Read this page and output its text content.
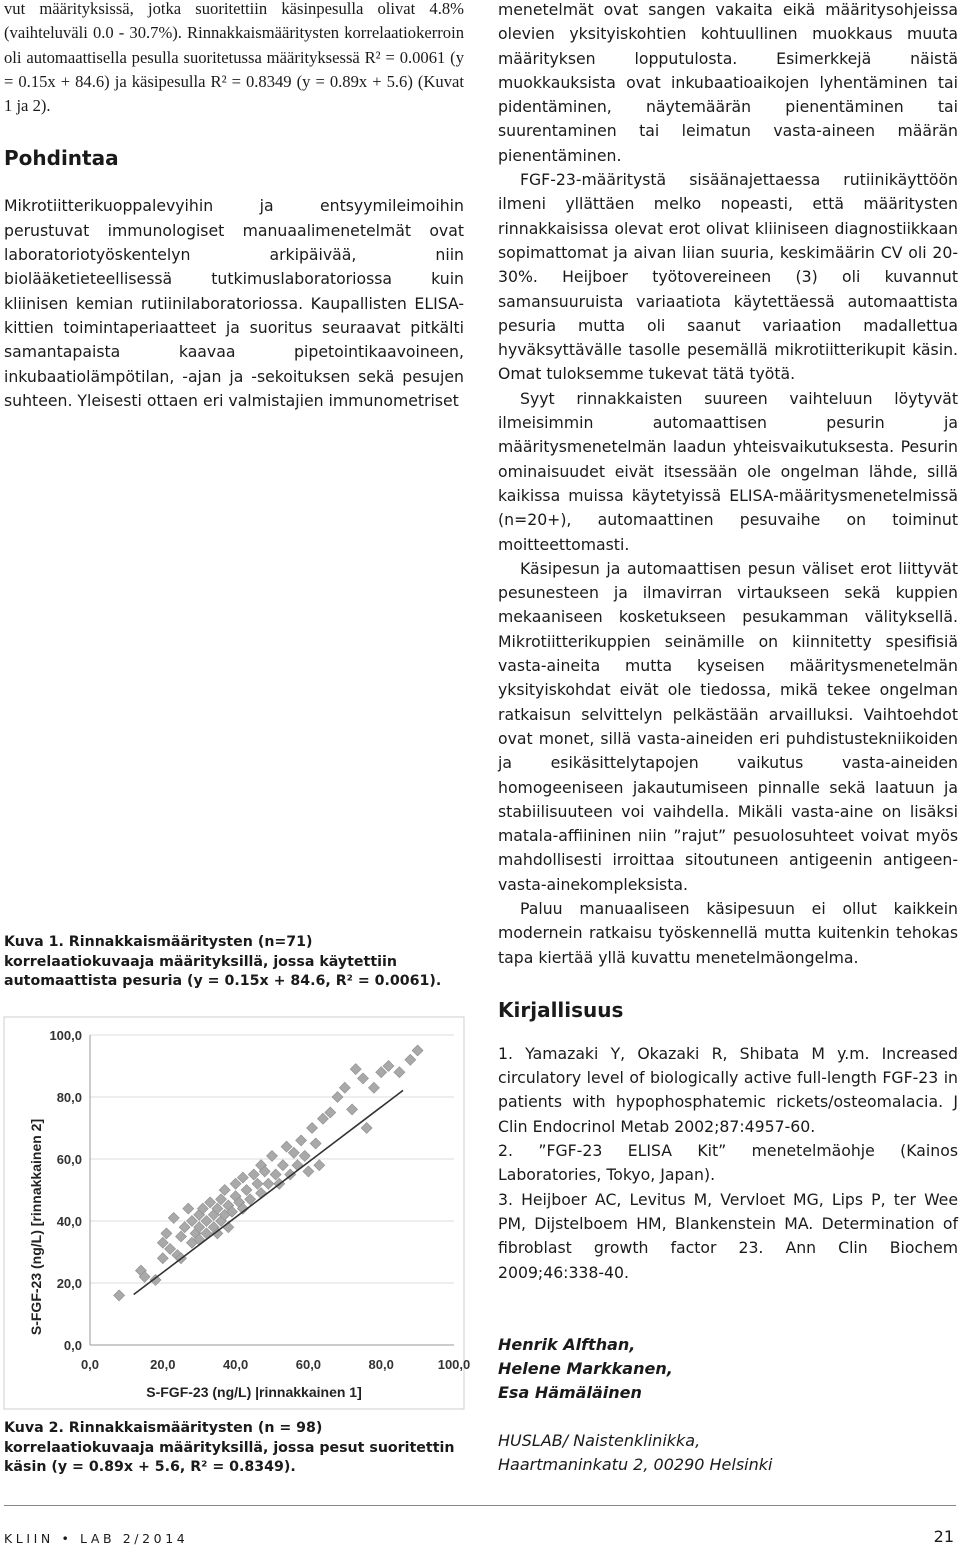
vut määrityksissä, jotka suoritettiin käsinpesulla olivat 4.8% (vaihteluväli 0.0 - 30.7%). Rinnakkaismääritysten korrelaatiokerroin oli automaattisella pesulla suoritetussa määrityksessä R² = 0.0061 (y = 0.15x + 84.6) ja käsipesulla R² = 0.8349 (y = 0.89x + 5.6) (Kuvat 1 ja 2).

Pohdintaa

Mikrotiitterikuoppalevyihin ja entsyymileimoihin perustuvat immunologiset manuaalimenetelmät ovat laboratoriotyöskentelyn arkipäivää, niin biolääketieteellisessä tutkimuslaboratoriossa kuin kliinisen kemian rutiinilaboratoriossa. Kaupallisten ELISA-kittien toimintaperiaatteet ja suoritus seuraavat pitkälti samantapaista kaavaa pipetointikaavoineen, inkubaatiolämpötilan, -ajan ja -sekoituksen sekä pesujen suhteen. Yleisesti ottaen eri valmistajien immunometriset

Kuva 1. Rinnakkaismääritysten (n=71) korrelaatiokuvaaja määrityksillä, jossa käytettiin automaattista pesuria (y = 0.15x + 84.6, R² = 0.0061).

0,0
20,0
40,0
60,0
80,0
100,0
0,0	20,0	40,0	60,0	80,0	100,0
S-FGF-23 (ng/L) |rinnakkainen 1]
S-FGF-23 (ng/L) [rinnakkainen 2]

Kuva 2. Rinnakkaismääritysten (n = 98) korrelaatiokuvaaja määrityksillä, jossa pesut suoritettin käsin (y = 0.89x + 5.6, R² = 0.8349).

menetelmät ovat sangen vakaita eikä määritysohjeissa olevien yksityiskohtien kohtuullinen muokkaus muuta määrityksen lopputulosta. Esimerkkejä näistä muokkauksista ovat inkubaatioaikojen lyhentäminen tai pidentäminen, näytemäärän pienentäminen tai suurentaminen tai leimatun vasta-aineen määrän pienentäminen.

FGF-23-määritystä sisäänajettaessa rutiinikäyttöön ilmeni yllättäen melko nopeasti, että määritysten rinnakkaisissa olevat erot olivat kliiniseen diagnostiikkaan sopimattomat ja aivan liian suuria, keskimäärin CV oli 20-30%. Heijboer työtovereineen (3) oli kuvannut samansuuruista variaatiota käytettäessä automaattista pesuria mutta oli saanut variaation madallettua hyväksyttävälle tasolle pesemällä mikrotiitterikupit käsin. Omat tuloksemme tukevat tätä työtä.

Syyt rinnakkaisten suureen vaihteluun löytyvät ilmeisimmin automaattisen pesurin ja määritysmenetelmän laadun yhteisvaikutuksesta. Pesurin ominaisuudet eivät itsessään ole ongelman lähde, sillä kaikissa muissa käytetyissä ELISA-määritysmenetelmissä (n=20+), automaattinen pesuvaihe on toiminut moitteettomasti.

Käsipesun ja automaattisen pesun väliset erot liittyvät pesunesteen ja ilmavirran virtaukseen sekä kuppien mekaaniseen kosketukseen pesukamman välityksellä. Mikrotiitterikuppien seinämille on kiinnitetty spesifisiä vasta-aineita mutta kyseisen määritysmenetelmän yksityiskohdat eivät ole tiedossa, mikä tekee ongelman ratkaisun selvittelyn pelkästään arvailluksi. Vaihtoehdot ovat monet, sillä vasta-aineiden eri puhdistustekniikoiden ja esikäsittelytapojen vaikutus vasta-aineiden homogeeniseen jakautumiseen pinnalle sekä laatuun ja stabiilisuuteen voi vaihdella. Mikäli vasta-aine on lisäksi matala-affiininen niin ”rajut” pesuolosuhteet voivat myös mahdollisesti irroittaa sitoutuneen antigeenin antigeen-vasta-ainekompleksista.

Paluu manuaaliseen käsipesuun ei ollut kaikkein modernein ratkaisu työskennellä mutta kuitenkin tehokas tapa kiertää yllä kuvattu menetelmäongelma.

Kirjallisuus

1. Yamazaki Y, Okazaki R, Shibata M y.m. Increased circulatory level of biologically active full-length FGF-23 in patients with hypophosphatemic rickets/osteomalacia. J Clin Endocrinol Metab 2002;87:4957-60.

2. ”FGF-23 ELISA Kit” menetelmäohje (Kainos Laboratories, Tokyo, Japan).

3. Heijboer AC, Levitus M, Vervloet MG, Lips P, ter Wee PM, Dijstelboem HM, Blankenstein MA. Determination of fibroblast growth factor 23. Ann Clin Biochem 2009;46:338-40.

Henrik Alfthan,

Helene Markkanen,

Esa Hämäläinen

HUSLAB/ Naistenklinikka,

Haartmaninkatu 2, 00290 Helsinki

KLIIN • LAB 2/2014	21
